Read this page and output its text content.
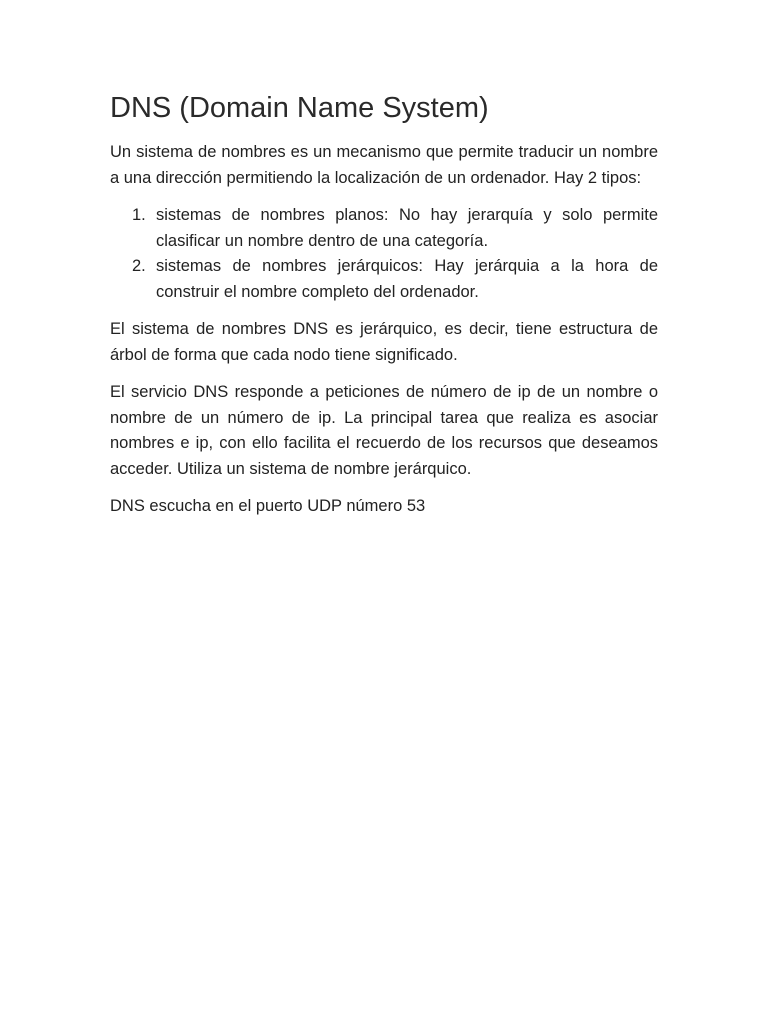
DNS (Domain Name System)

Un sistema de nombres es un mecanismo que permite traducir un nombre a una dirección permitiendo la localización de un ordenador. Hay 2 tipos:

1. sistemas de nombres planos: No hay jerarquía y solo permite clasificar un nombre dentro de una categoría.
2. sistemas de nombres jerárquicos: Hay jerárquia a la hora de construir el nombre completo del ordenador.

El sistema de nombres DNS es jerárquico, es decir, tiene estructura de árbol de forma que cada nodo tiene significado.

El servicio DNS responde a peticiones de número de ip de un nombre o nombre de un número de ip. La principal tarea que realiza es asociar nombres e ip, con ello facilita el recuerdo de los recursos que deseamos acceder. Utiliza un sistema de nombre jerárquico.

DNS escucha en el puerto UDP número 53
